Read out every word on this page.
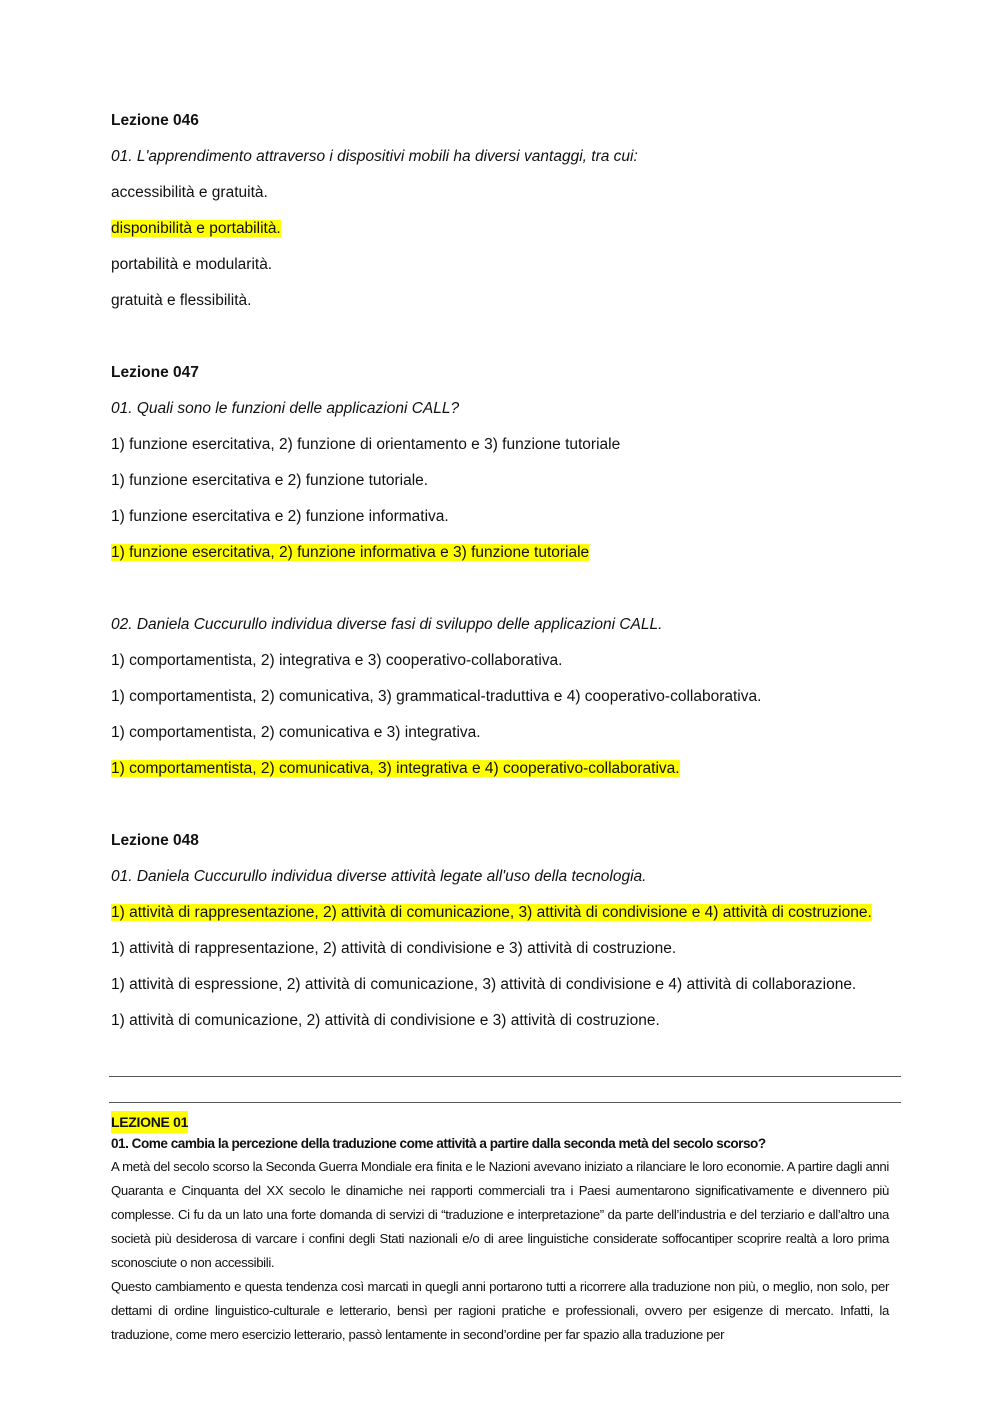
Lezione 046
01. L'apprendimento attraverso i dispositivi mobili ha diversi vantaggi, tra cui:
accessibilità e gratuità.
disponibilità e portabilità.
portabilità e modularità.
gratuità e flessibilità.
Lezione 047
01. Quali sono le funzioni delle applicazioni CALL?
1) funzione esercitativa, 2) funzione di orientamento e 3) funzione tutoriale
1) funzione esercitativa e 2) funzione tutoriale.
1) funzione esercitativa e 2) funzione informativa.
1) funzione esercitativa, 2) funzione informativa e 3) funzione tutoriale
02. Daniela Cuccurullo individua diverse fasi di sviluppo delle applicazioni CALL.
1) comportamentista, 2) integrativa e 3) cooperativo-collaborativa.
1) comportamentista, 2) comunicativa, 3) grammatical-traduttiva e 4) cooperativo-collaborativa.
1) comportamentista, 2) comunicativa e 3) integrativa.
1) comportamentista, 2) comunicativa, 3) integrativa e 4) cooperativo-collaborativa.
Lezione 048
01. Daniela Cuccurullo individua diverse attività legate all'uso della tecnologia.
1) attività di rappresentazione, 2) attività di comunicazione, 3) attività di condivisione e 4) attività di costruzione.
1) attività di rappresentazione, 2) attività di condivisione e 3) attività di costruzione.
1) attività di espressione, 2) attività di comunicazione, 3) attività di condivisione e 4) attività di collaborazione.
1) attività di comunicazione, 2) attività di condivisione e 3) attività di costruzione.
LEZIONE 01
01. Come cambia la percezione della traduzione come attività a partire dalla seconda metà del secolo scorso?
A metà del secolo scorso la Seconda Guerra Mondiale era finita e le Nazioni avevano iniziato a rilanciare le loro economie. A partire dagli anni Quaranta e Cinquanta del XX secolo le dinamiche nei rapporti commerciali tra i Paesi aumentarono significativamente e divennero più complesse. Ci fu da un lato una forte domanda di servizi di “traduzione e interpretazione” da parte dell’industria e del terziario e dall’altro una società più desiderosa di varcare i confini degli Stati nazionali e/o di aree linguistiche considerate soffocantiper scoprire realtà a loro prima sconosciute o non accessibili.
Questo cambiamento e questa tendenza così marcati in quegli anni portarono tutti a ricorrere alla traduzione non più, o meglio, non solo, per dettami di ordine linguistico-culturale e letterario, bensì per ragioni pratiche e professionali, ovvero per esigenze di mercato. Infatti, la traduzione, come mero esercizio letterario, passò lentamente in second’ordine per far spazio alla traduzione per
